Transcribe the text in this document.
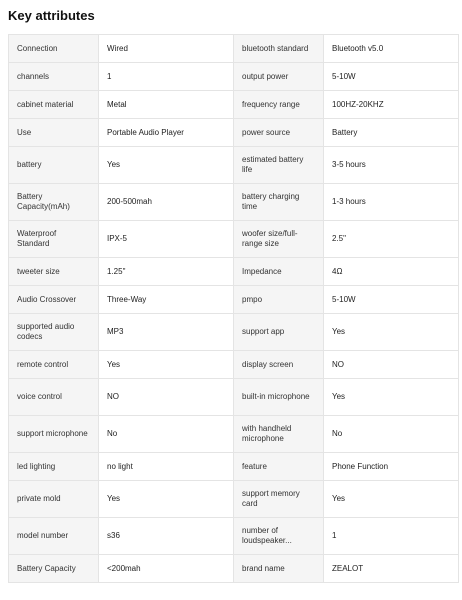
Key attributes
Connection	Wired	bluetooth standard	Bluetooth v5.0
channels	1	output power	5-10W
cabinet material	Metal	frequency range	100HZ-20KHZ
Use	Portable Audio Player	power source	Battery
battery	Yes	estimated battery life	3-5 hours
Battery Capacity(mAh)	200-500mah	battery charging time	1-3 hours
Waterproof Standard	IPX-5	woofer size/full-range size	2.5"
tweeter size	1.25"	Impedance	4Ω
Audio Crossover	Three-Way	pmpo	5-10W
supported audio codecs	MP3	support app	Yes
remote control	Yes	display screen	NO
voice control	NO	built-in microphone	Yes
support microphone	No	with handheld microphone	No
led lighting	no light	feature	Phone Function
private mold	Yes	support memory card	Yes
model number	s36	number of loudspeaker...	1
Battery Capacity	<200mah	brand name	ZEALOT
